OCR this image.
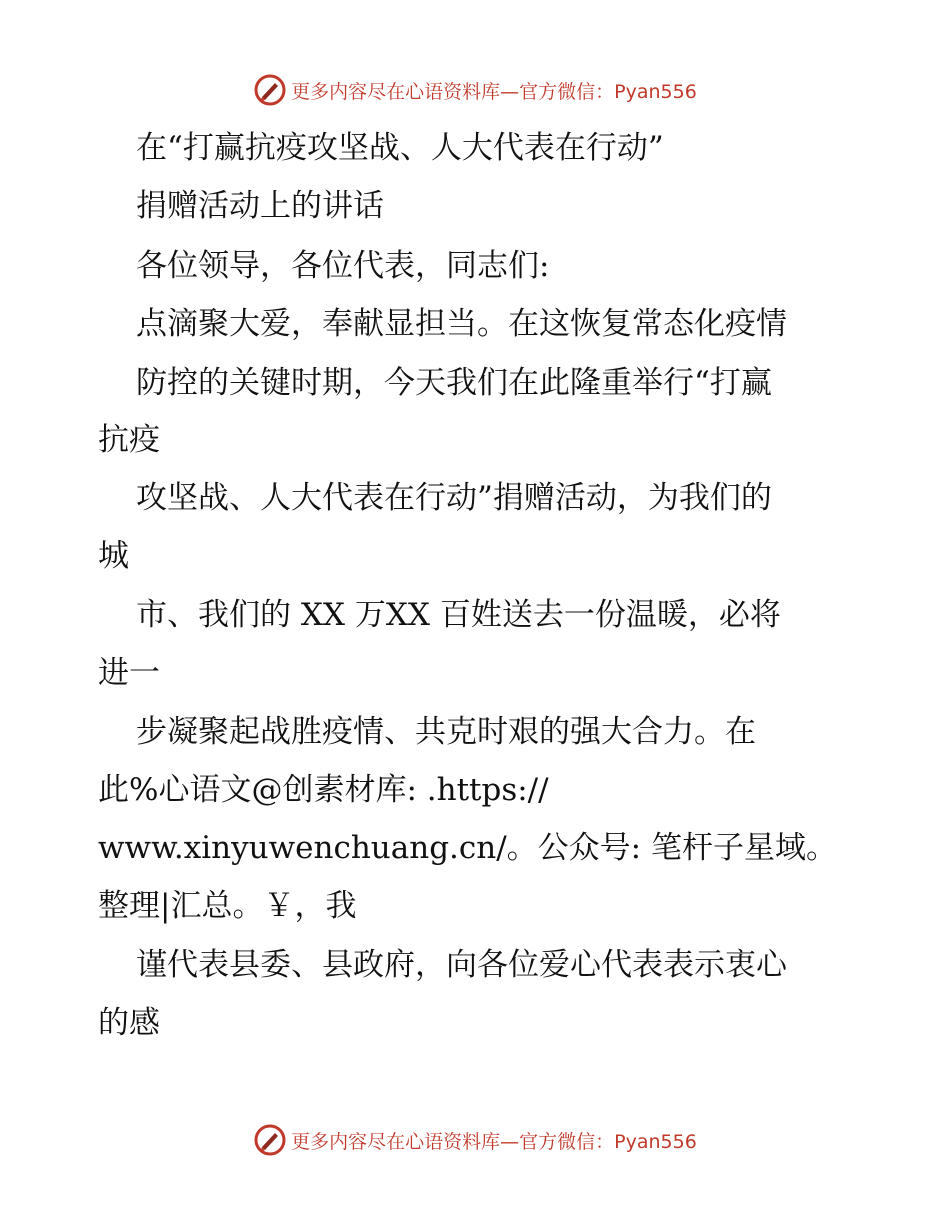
更多内容尽在心语资料库—官方微信：Pyan556
在“打赢抗疫攻坚战、人大代表在行动”
捐赠活动上的讲话
各位领导，各位代表，同志们:
点滴聚大爱，奉献显担当。在这恢复常态化疫情
防控的关键时期，今天我们在此隆重举行“打赢
抗疫
攻坚战、人大代表在行动”捐赠活动，为我们的
城
市、我们的 XX 万XX 百姓送去一份温暖，必将
进一
步凝聚起战胜疫情、共克时艰的强大合力。在
此%心语文@创素材库: .https://
www.xinyuwenchuang.cn/。公众号: 笔杆子星域。
整理|汇总。￥，我
谨代表县委、县政府，向各位爱心代表表示衷心
的感
更多内容尽在心语资料库—官方微信：Pyan556
